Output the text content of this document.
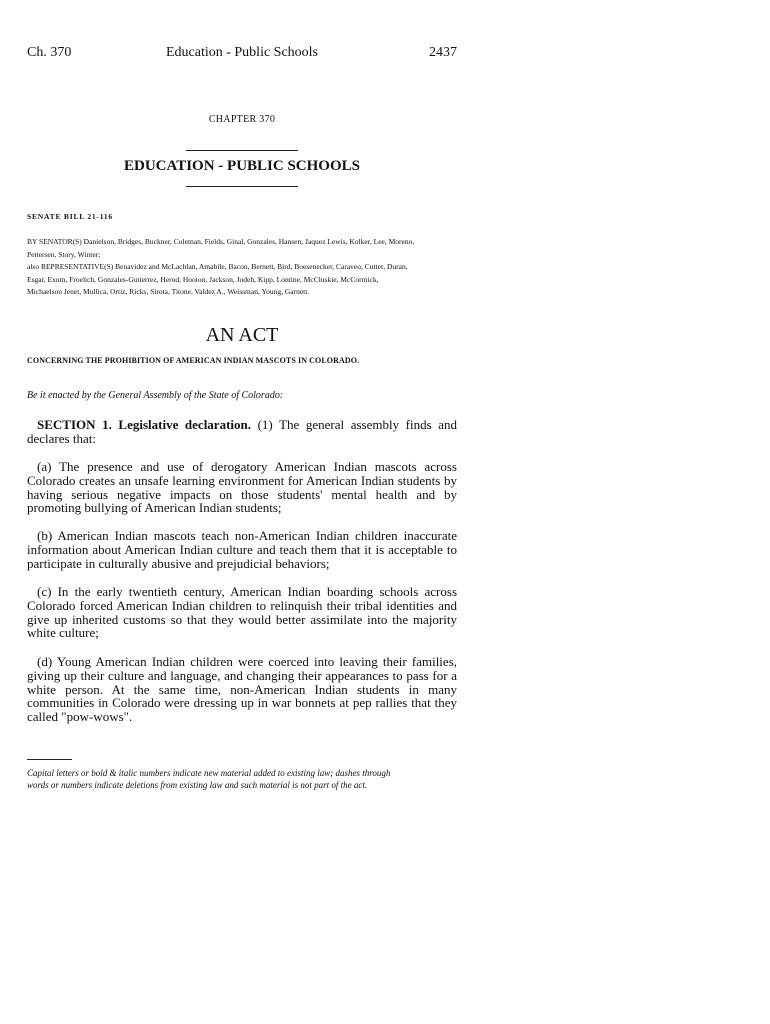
Ch. 370	Education - Public Schools	2437
CHAPTER 370
EDUCATION - PUBLIC SCHOOLS
SENATE BILL 21-116
BY SENATOR(S) Danielson, Bridges, Buckner, Coleman, Fields, Ginal, Gonzales, Hansen, Jaquez Lewis, Kolker, Lee, Moreno,
Pettersen, Story, Winter;
also REPRESENTATIVE(S) Benavidez and McLachlan, Amabile, Bacon, Bernett, Bird, Boesenecker, Caraveo, Cutter, Duran,
Esgar, Exum, Froelich, Gonzales-Gutierrez, Herod, Hooton, Jackson, Jodeh, Kipp, Lontine, McCluskie, McCormick,
Michaelson Jenet, Mullica, Ortiz, Ricks, Sirota, Titone, Valdez A., Weissman, Young, Garnett.
AN ACT
CONCERNING THE PROHIBITION OF AMERICAN INDIAN MASCOTS IN COLORADO.
Be it enacted by the General Assembly of the State of Colorado:
SECTION 1. Legislative declaration. (1) The general assembly finds and declares that:
(a) The presence and use of derogatory American Indian mascots across Colorado creates an unsafe learning environment for American Indian students by having serious negative impacts on those students' mental health and by promoting bullying of American Indian students;
(b) American Indian mascots teach non-American Indian children inaccurate information about American Indian culture and teach them that it is acceptable to participate in culturally abusive and prejudicial behaviors;
(c) In the early twentieth century, American Indian boarding schools across Colorado forced American Indian children to relinquish their tribal identities and give up inherited customs so that they would better assimilate into the majority white culture;
(d) Young American Indian children were coerced into leaving their families, giving up their culture and language, and changing their appearances to pass for a white person. At the same time, non-American Indian students in many communities in Colorado were dressing up in war bonnets at pep rallies that they called "pow-wows".
Capital letters or bold & italic numbers indicate new material added to existing law; dashes through
words or numbers indicate deletions from existing law and such material is not part of the act.
